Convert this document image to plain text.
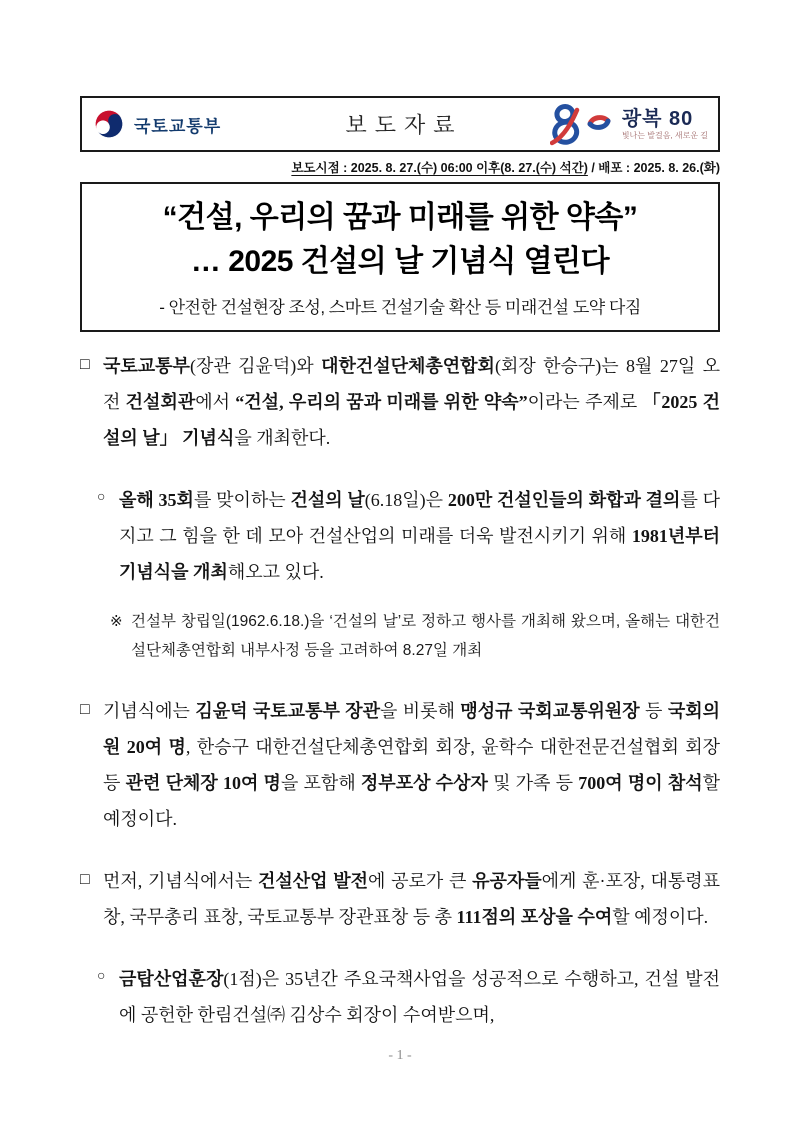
국토교통부	보도자료	광복 80
빛나는 발걸음, 새로운 길
보도시점 : 2025. 8. 27.(수) 06:00 이후(8. 27.(수) 석간) / 배포 : 2025. 8. 26.(화)
“건설, 우리의 꿈과 미래를 위한 약속”
… 2025 건설의 날 기념식 열린다
- 안전한 건설현장 조성, 스마트 건설기술 확산 등 미래건설 도약 다짐
□ 국토교통부(장관 김윤덕)와 대한건설단체총연합회(회장 한승구)는 8월 27일 오전 건설회관에서 “건설, 우리의 꿈과 미래를 위한 약속”이라는 주제로 「2025 건설의 날」 기념식을 개최한다.
○ 올해 35회를 맞이하는 건설의 날(6.18일)은 200만 건설인들의 화합과 결의를 다지고 그 힘을 한 데 모아 건설산업의 미래를 더욱 발전시키기 위해 1981년부터 기념식을 개최해오고 있다.
※ 건설부 창립일(1962.6.18.)을 ‘건설의 날’로 정하고 행사를 개최해 왔으며, 올해는 대한건설단체총연합회 내부사정 등을 고려하여 8.27일 개최
□ 기념식에는 김윤덕 국토교통부 장관을 비롯해 맹성규 국회교통위원장 등 국회의원 20여 명, 한승구 대한건설단체총연합회 회장, 윤학수 대한전문건설협회 회장 등 관련 단체장 10여 명을 포함해 정부포상 수상자 및 가족 등 700여 명이 참석할 예정이다.
□ 먼저, 기념식에서는 건설산업 발전에 공로가 큰 유공자들에게 훈·포장, 대통령표창, 국무총리 표창, 국토교통부 장관표창 등 총 111점의 포상을 수여할 예정이다.
○ 금탑산업훈장(1점)은 35년간 주요국책사업을 성공적으로 수행하고, 건설 발전에 공헌한 한림건설㈜ 김상수 회장이 수여받으며,
- 1 -
